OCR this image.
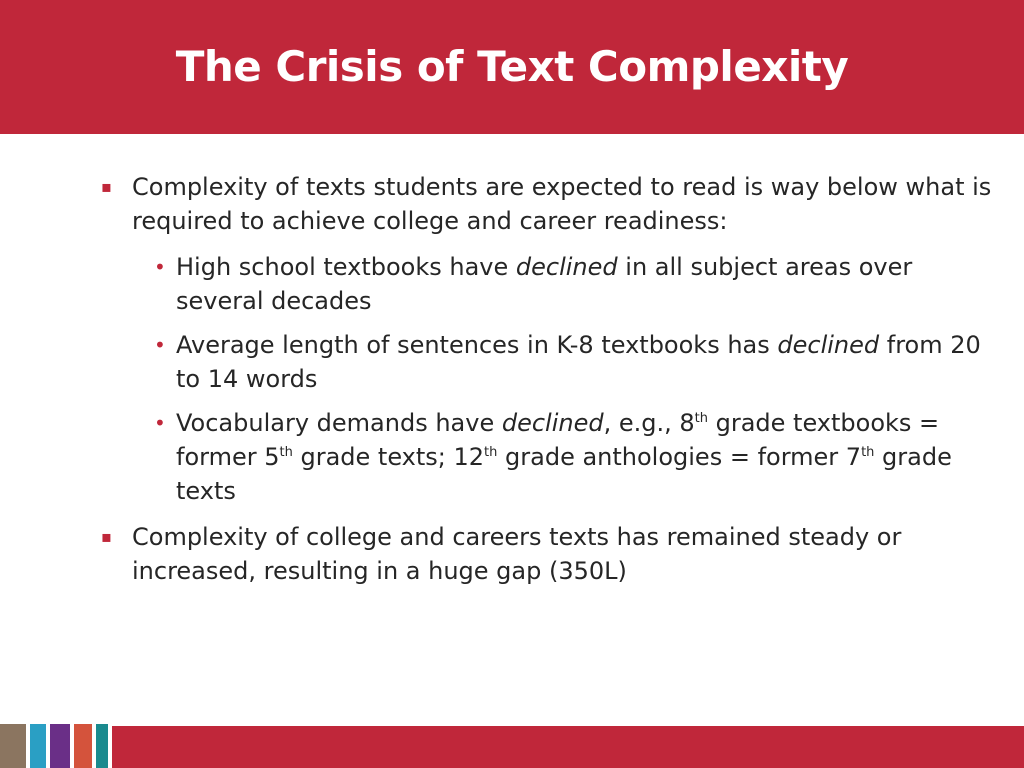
The Crisis of Text Complexity
▪ Complexity of texts students are expected to read is way below what is required to achieve college and career readiness:
• High school textbooks have declined in all subject areas over several decades
• Average length of sentences in K-8 textbooks has declined from 20 to 14 words
• Vocabulary demands have declined, e.g., 8th grade textbooks = former 5th grade texts; 12th grade anthologies = former 7th grade texts
▪ Complexity of college and careers texts has remained steady or increased, resulting in a huge gap (350L)
